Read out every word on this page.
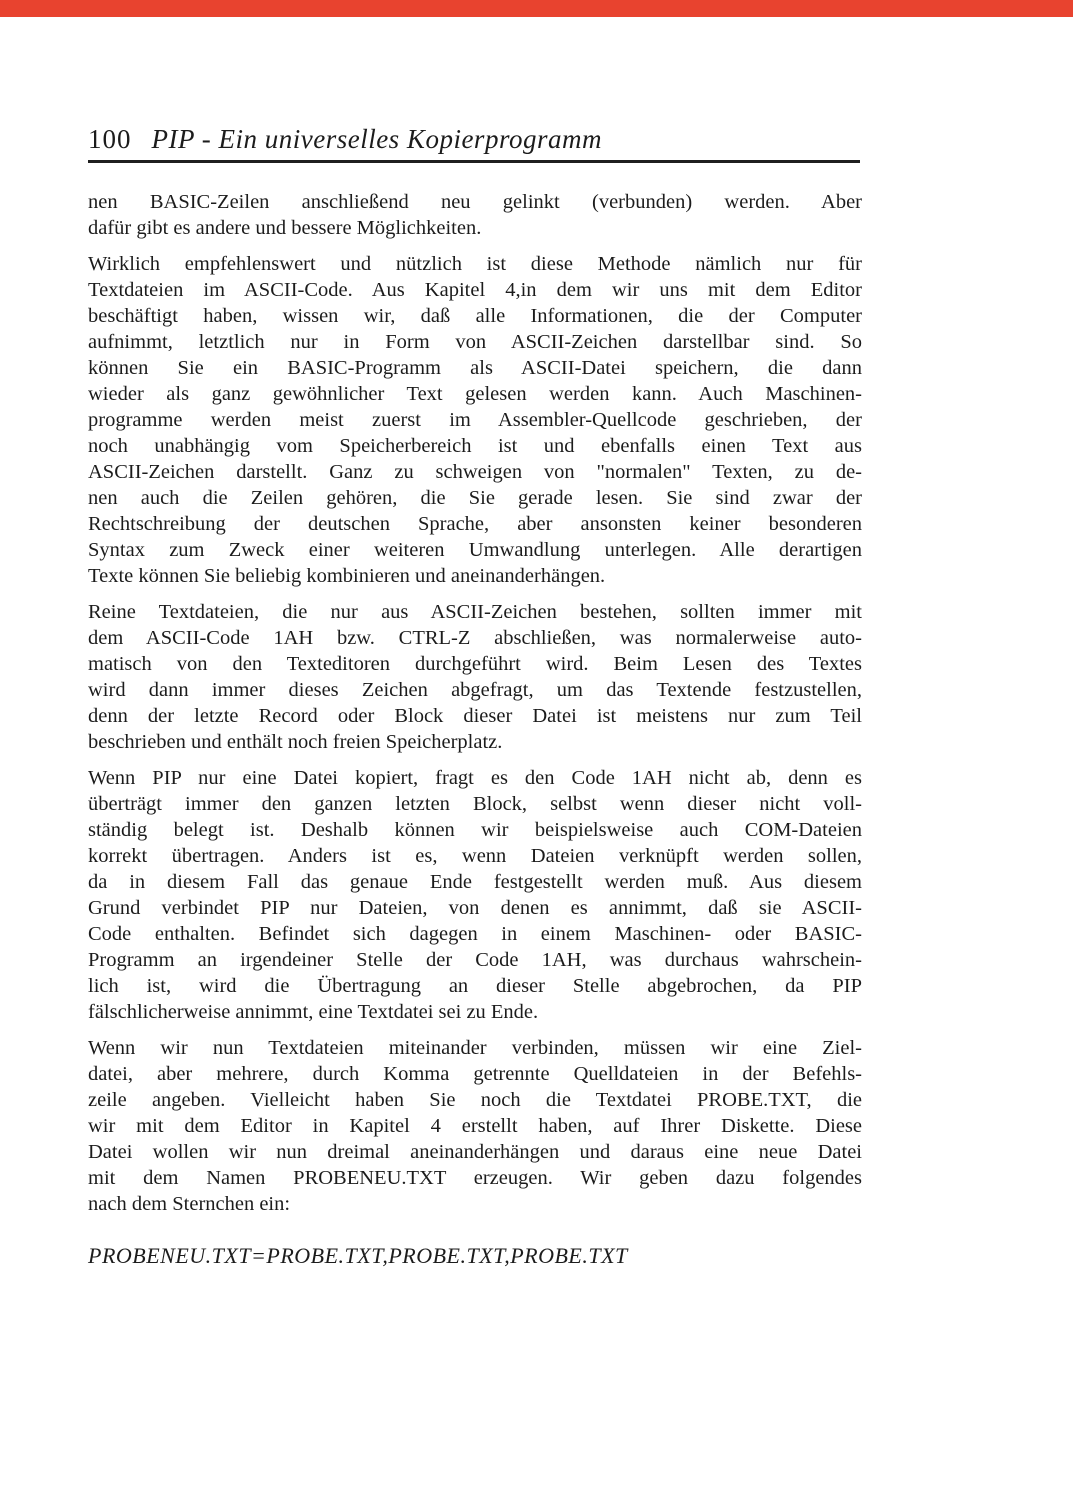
100 PIP - Ein universelles Kopierprogramm
nen BASIC-Zeilen anschließend neu gelinkt (verbunden) werden. Aber
dafür gibt es andere und bessere Möglichkeiten.
Wirklich empfehlenswert und nützlich ist diese Methode nämlich nur für
Textdateien im ASCII-Code. Aus Kapitel 4,in dem wir uns mit dem Editor
beschäftigt haben, wissen wir, daß alle Informationen, die der Computer
aufnimmt, letztlich nur in Form von ASCII-Zeichen darstellbar sind. So
können Sie ein BASIC-Programm als ASCII-Datei speichern, die dann
wieder als ganz gewöhnlicher Text gelesen werden kann. Auch Maschinen-
programme werden meist zuerst im Assembler-Quellcode geschrieben, der
noch unabhängig vom Speicherbereich ist und ebenfalls einen Text aus
ASCII-Zeichen darstellt. Ganz zu schweigen von "normalen" Texten, zu de-
nen auch die Zeilen gehören, die Sie gerade lesen. Sie sind zwar der
Rechtschreibung der deutschen Sprache, aber ansonsten keiner besonderen
Syntax zum Zweck einer weiteren Umwandlung unterlegen. Alle derartigen
Texte können Sie beliebig kombinieren und aneinanderhängen.
Reine Textdateien, die nur aus ASCII-Zeichen bestehen, sollten immer mit
dem ASCII-Code 1AH bzw. CTRL-Z abschließen, was normalerweise auto-
matisch von den Texteditoren durchgeführt wird. Beim Lesen des Textes
wird dann immer dieses Zeichen abgefragt, um das Textende festzustellen,
denn der letzte Record oder Block dieser Datei ist meistens nur zum Teil
beschrieben und enthält noch freien Speicherplatz.
Wenn PIP nur eine Datei kopiert, fragt es den Code 1AH nicht ab, denn es
überträgt immer den ganzen letzten Block, selbst wenn dieser nicht voll-
ständig belegt ist. Deshalb können wir beispielsweise auch COM-Dateien
korrekt übertragen. Anders ist es, wenn Dateien verknüpft werden sollen,
da in diesem Fall das genaue Ende festgestellt werden muß. Aus diesem
Grund verbindet PIP nur Dateien, von denen es annimmt, daß sie ASCII-
Code enthalten. Befindet sich dagegen in einem Maschinen- oder BASIC-
Programm an irgendeiner Stelle der Code 1AH, was durchaus wahrschein-
lich ist, wird die Übertragung an dieser Stelle abgebrochen, da PIP
fälschlicherweise annimmt, eine Textdatei sei zu Ende.
Wenn wir nun Textdateien miteinander verbinden, müssen wir eine Ziel-
datei, aber mehrere, durch Komma getrennte Quelldateien in der Befehls-
zeile angeben. Vielleicht haben Sie noch die Textdatei PROBE.TXT, die
wir mit dem Editor in Kapitel 4 erstellt haben, auf Ihrer Diskette. Diese
Datei wollen wir nun dreimal aneinanderhängen und daraus eine neue Datei
mit dem Namen PROBENEU.TXT erzeugen. Wir geben dazu folgendes
nach dem Sternchen ein:
PROBENEU.TXT=PROBE.TXT,PROBE.TXT,PROBE.TXT
